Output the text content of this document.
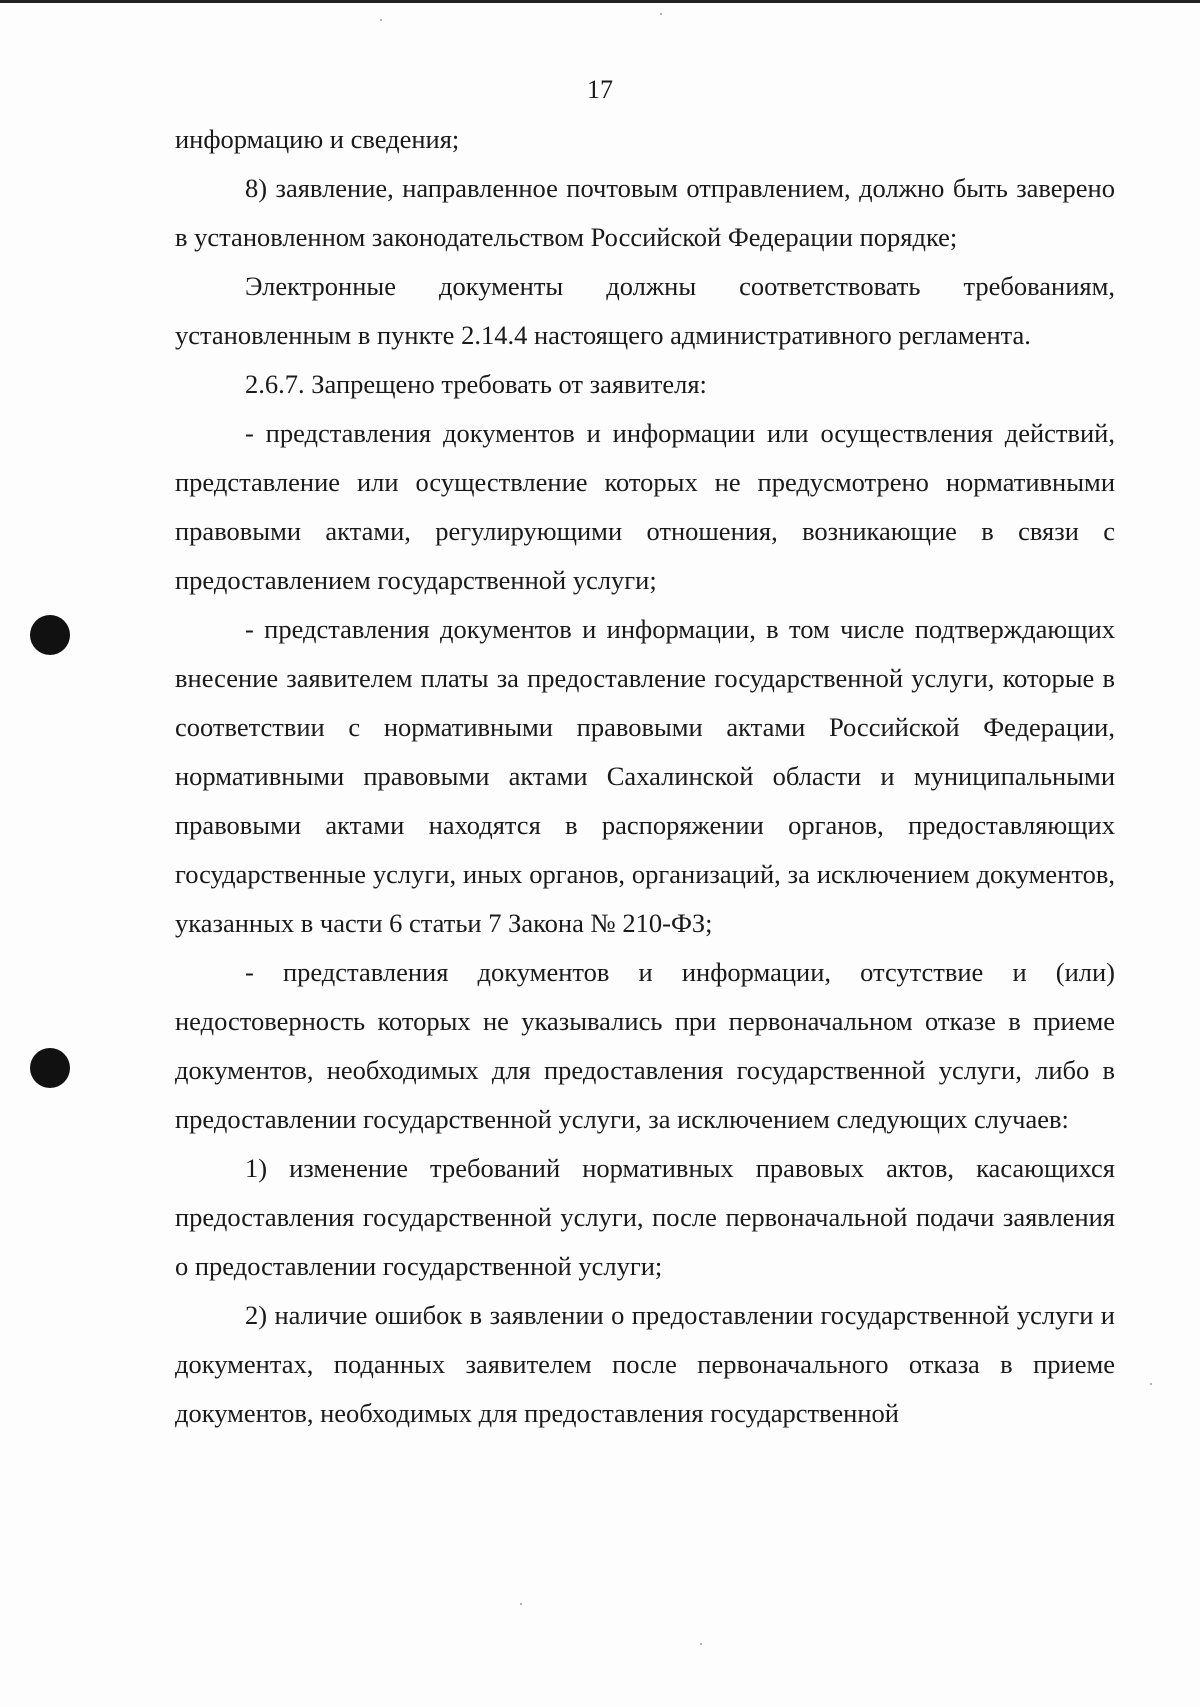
17

информацию и сведения;

8) заявление, направленное почтовым отправлением, должно быть заверено в установленном законодательством Российской Федерации порядке;

Электронные документы должны соответствовать требованиям, установленным в пункте 2.14.4 настоящего административного регламента.

2.6.7. Запрещено требовать от заявителя:

- представления документов и информации или осуществления действий, представление или осуществление которых не предусмотрено нормативными правовыми актами, регулирующими отношения, возникающие в связи с предоставлением государственной услуги;

- представления документов и информации, в том числе подтверждающих внесение заявителем платы за предоставление государственной услуги, которые в соответствии с нормативными правовыми актами Российской Федерации, нормативными правовыми актами Сахалинской области и муниципальными правовыми актами находятся в распоряжении органов, предоставляющих государственные услуги, иных органов, организаций, за исключением документов, указанных в части 6 статьи 7 Закона № 210-ФЗ;

- представления документов и информации, отсутствие и (или) недостоверность которых не указывались при первоначальном отказе в приеме документов, необходимых для предоставления государственной услуги, либо в предоставлении государственной услуги, за исключением следующих случаев:

1) изменение требований нормативных правовых актов, касающихся предоставления государственной услуги, после первоначальной подачи заявления о предоставлении государственной услуги;

2) наличие ошибок в заявлении о предоставлении государственной услуги и документах, поданных заявителем после первоначального отказа в приеме документов, необходимых для предоставления государственной
